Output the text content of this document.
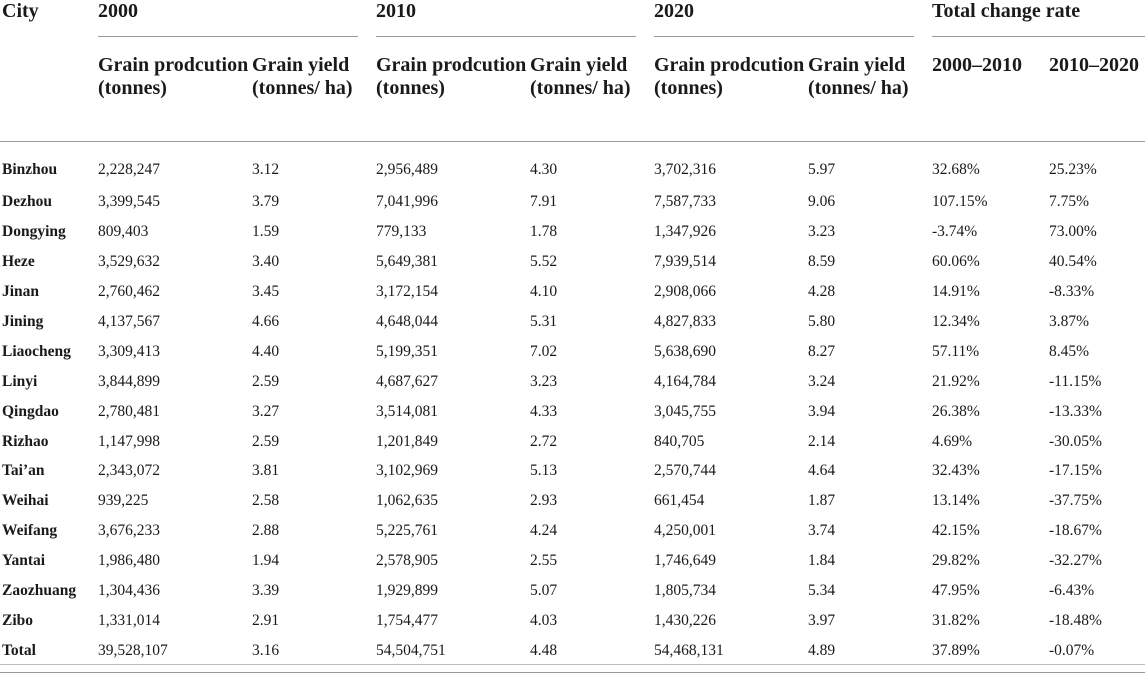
City	2000		2010		2020		Total change rate	

	Grain prodcution (tonnes)	Grain yield (tonnes/ ha)	Grain prodcution (tonnes)	Grain yield (tonnes/ ha)	Grain prodcution (tonnes)	Grain yield (tonnes/ ha)	2000–2010	2010–2020
Binzhou	2,228,247	3.12	2,956,489	4.30	3,702,316	5.97	32.68%	25.23%
Dezhou	3,399,545	3.79	7,041,996	7.91	7,587,733	9.06	107.15%	7.75%
Dongying	809,403	1.59	779,133	1.78	1,347,926	3.23	-3.74%	73.00%
Heze	3,529,632	3.40	5,649,381	5.52	7,939,514	8.59	60.06%	40.54%
Jinan	2,760,462	3.45	3,172,154	4.10	2,908,066	4.28	14.91%	-8.33%
Jining	4,137,567	4.66	4,648,044	5.31	4,827,833	5.80	12.34%	3.87%
Liaocheng	3,309,413	4.40	5,199,351	7.02	5,638,690	8.27	57.11%	8.45%
Linyi	3,844,899	2.59	4,687,627	3.23	4,164,784	3.24	21.92%	-11.15%
Qingdao	2,780,481	3.27	3,514,081	4.33	3,045,755	3.94	26.38%	-13.33%
Rizhao	1,147,998	2.59	1,201,849	2.72	840,705	2.14	4.69%	-30.05%
Tai’an	2,343,072	3.81	3,102,969	5.13	2,570,744	4.64	32.43%	-17.15%
Weihai	939,225	2.58	1,062,635	2.93	661,454	1.87	13.14%	-37.75%
Weifang	3,676,233	2.88	5,225,761	4.24	4,250,001	3.74	42.15%	-18.67%
Yantai	1,986,480	1.94	2,578,905	2.55	1,746,649	1.84	29.82%	-32.27%
Zaozhuang	1,304,436	3.39	1,929,899	5.07	1,805,734	5.34	47.95%	-6.43%
Zibo	1,331,014	2.91	1,754,477	4.03	1,430,226	3.97	31.82%	-18.48%
Total	39,528,107	3.16	54,504,751	4.48	54,468,131	4.89	37.89%	-0.07%
